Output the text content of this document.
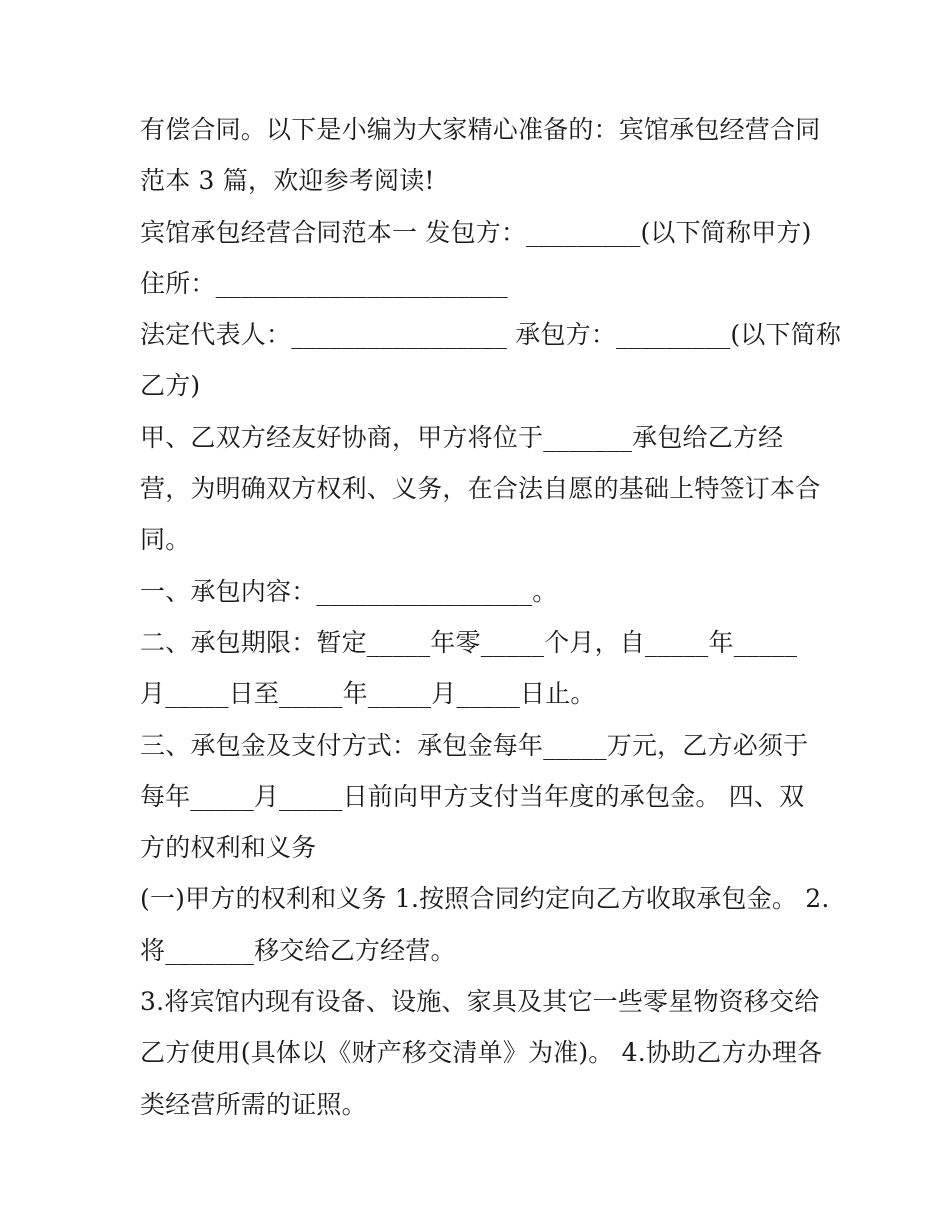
有偿合同。以下是小编为大家精心准备的：宾馆承包经营合同
范本 3 篇，欢迎参考阅读!
宾馆承包经营合同范本一 发包方：_________(以下简称甲方)
住所：_______________________
法定代表人：_________________ 承包方：_________(以下简称
乙方)
甲、乙双方经友好协商，甲方将位于_______承包给乙方经
营，为明确双方权利、义务，在合法自愿的基础上特签订本合
同。
一、承包内容：_________________。
二、承包期限：暂定_____年零_____个月，自_____年_____
月_____日至_____年_____月_____日止。
三、承包金及支付方式：承包金每年_____万元，乙方必须于
每年_____月_____日前向甲方支付当年度的承包金。 四、双
方的权利和义务
(一)甲方的权利和义务 1.按照合同约定向乙方收取承包金。 2.
将_______移交给乙方经营。
3.将宾馆内现有设备、设施、家具及其它一些零星物资移交给
乙方使用(具体以《财产移交清单》为准)。 4.协助乙方办理各
类经营所需的证照。
